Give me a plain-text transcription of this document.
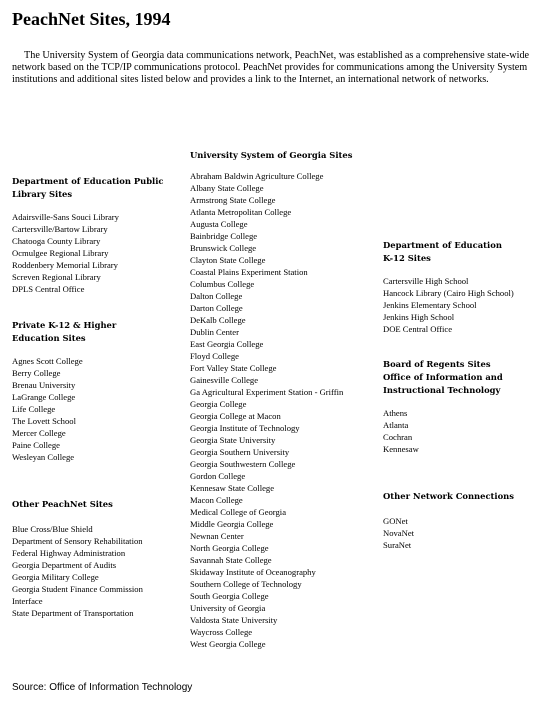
PeachNet Sites, 1994

The University System of Georgia data communications network, PeachNet, was established as a comprehensive state-wide network based on the TCP/IP communications protocol. PeachNet provides for communications among the University System institutions and additional sites listed below and provides a link to the Internet, an international network of networks.

Department of Education Public
Library Sites
Adairsville-Sans Souci Library
Cartersville/Bartow Library
Chatooga County Library
Ocmulgee Regional Library
Roddenbery Memorial Library
Screven Regional Library
DPLS Central Office
Private K-12 & Higher
Education Sites
Agnes Scott College
Berry College
Brenau University
LaGrange College
Life College
The Lovett School
Mercer College
Paine College
Wesleyan College
Other PeachNet Sites
Blue Cross/Blue Shield
Department of Sensory Rehabilitation
Federal Highway Administration
Georgia Department of Audits
Georgia Military College
Georgia Student Finance Commission
Interface
State Department of Transportation
University System of Georgia Sites
Abraham Baldwin Agriculture College
Albany State College
Armstrong State College
Atlanta Metropolitan College
Augusta College
Bainbridge College
Brunswick College
Clayton State College
Coastal Plains Experiment Station
Columbus College
Dalton College
Darton College
DeKalb College
Dublin Center
East Georgia College
Floyd College
Fort Valley State College
Gainesville College
Ga Agricultural Experiment Station - Griffin
Georgia College
Georgia College at Macon
Georgia Institute of Technology
Georgia State University
Georgia Southern University
Georgia Southwestern College
Gordon College
Kennesaw State College
Macon College
Medical College of Georgia
Middle Georgia College
Newnan Center
North Georgia College
Savannah State College
Skidaway Institute of Oceanography
Southern College of Technology
South Georgia College
University of Georgia
Valdosta State University
Waycross College
West Georgia College
Department of Education
K-12 Sites
Cartersville High School
Hancock Library (Cairo High School)
Jenkins Elementary School
Jenkins High School
DOE Central Office
Board of Regents Sites
Office of Information and
Instructional Technology
Athens
Atlanta
Cochran
Kennesaw
Other Network Connections
GONet
NovaNet
SuraNet
Source: Office of Information Technology
